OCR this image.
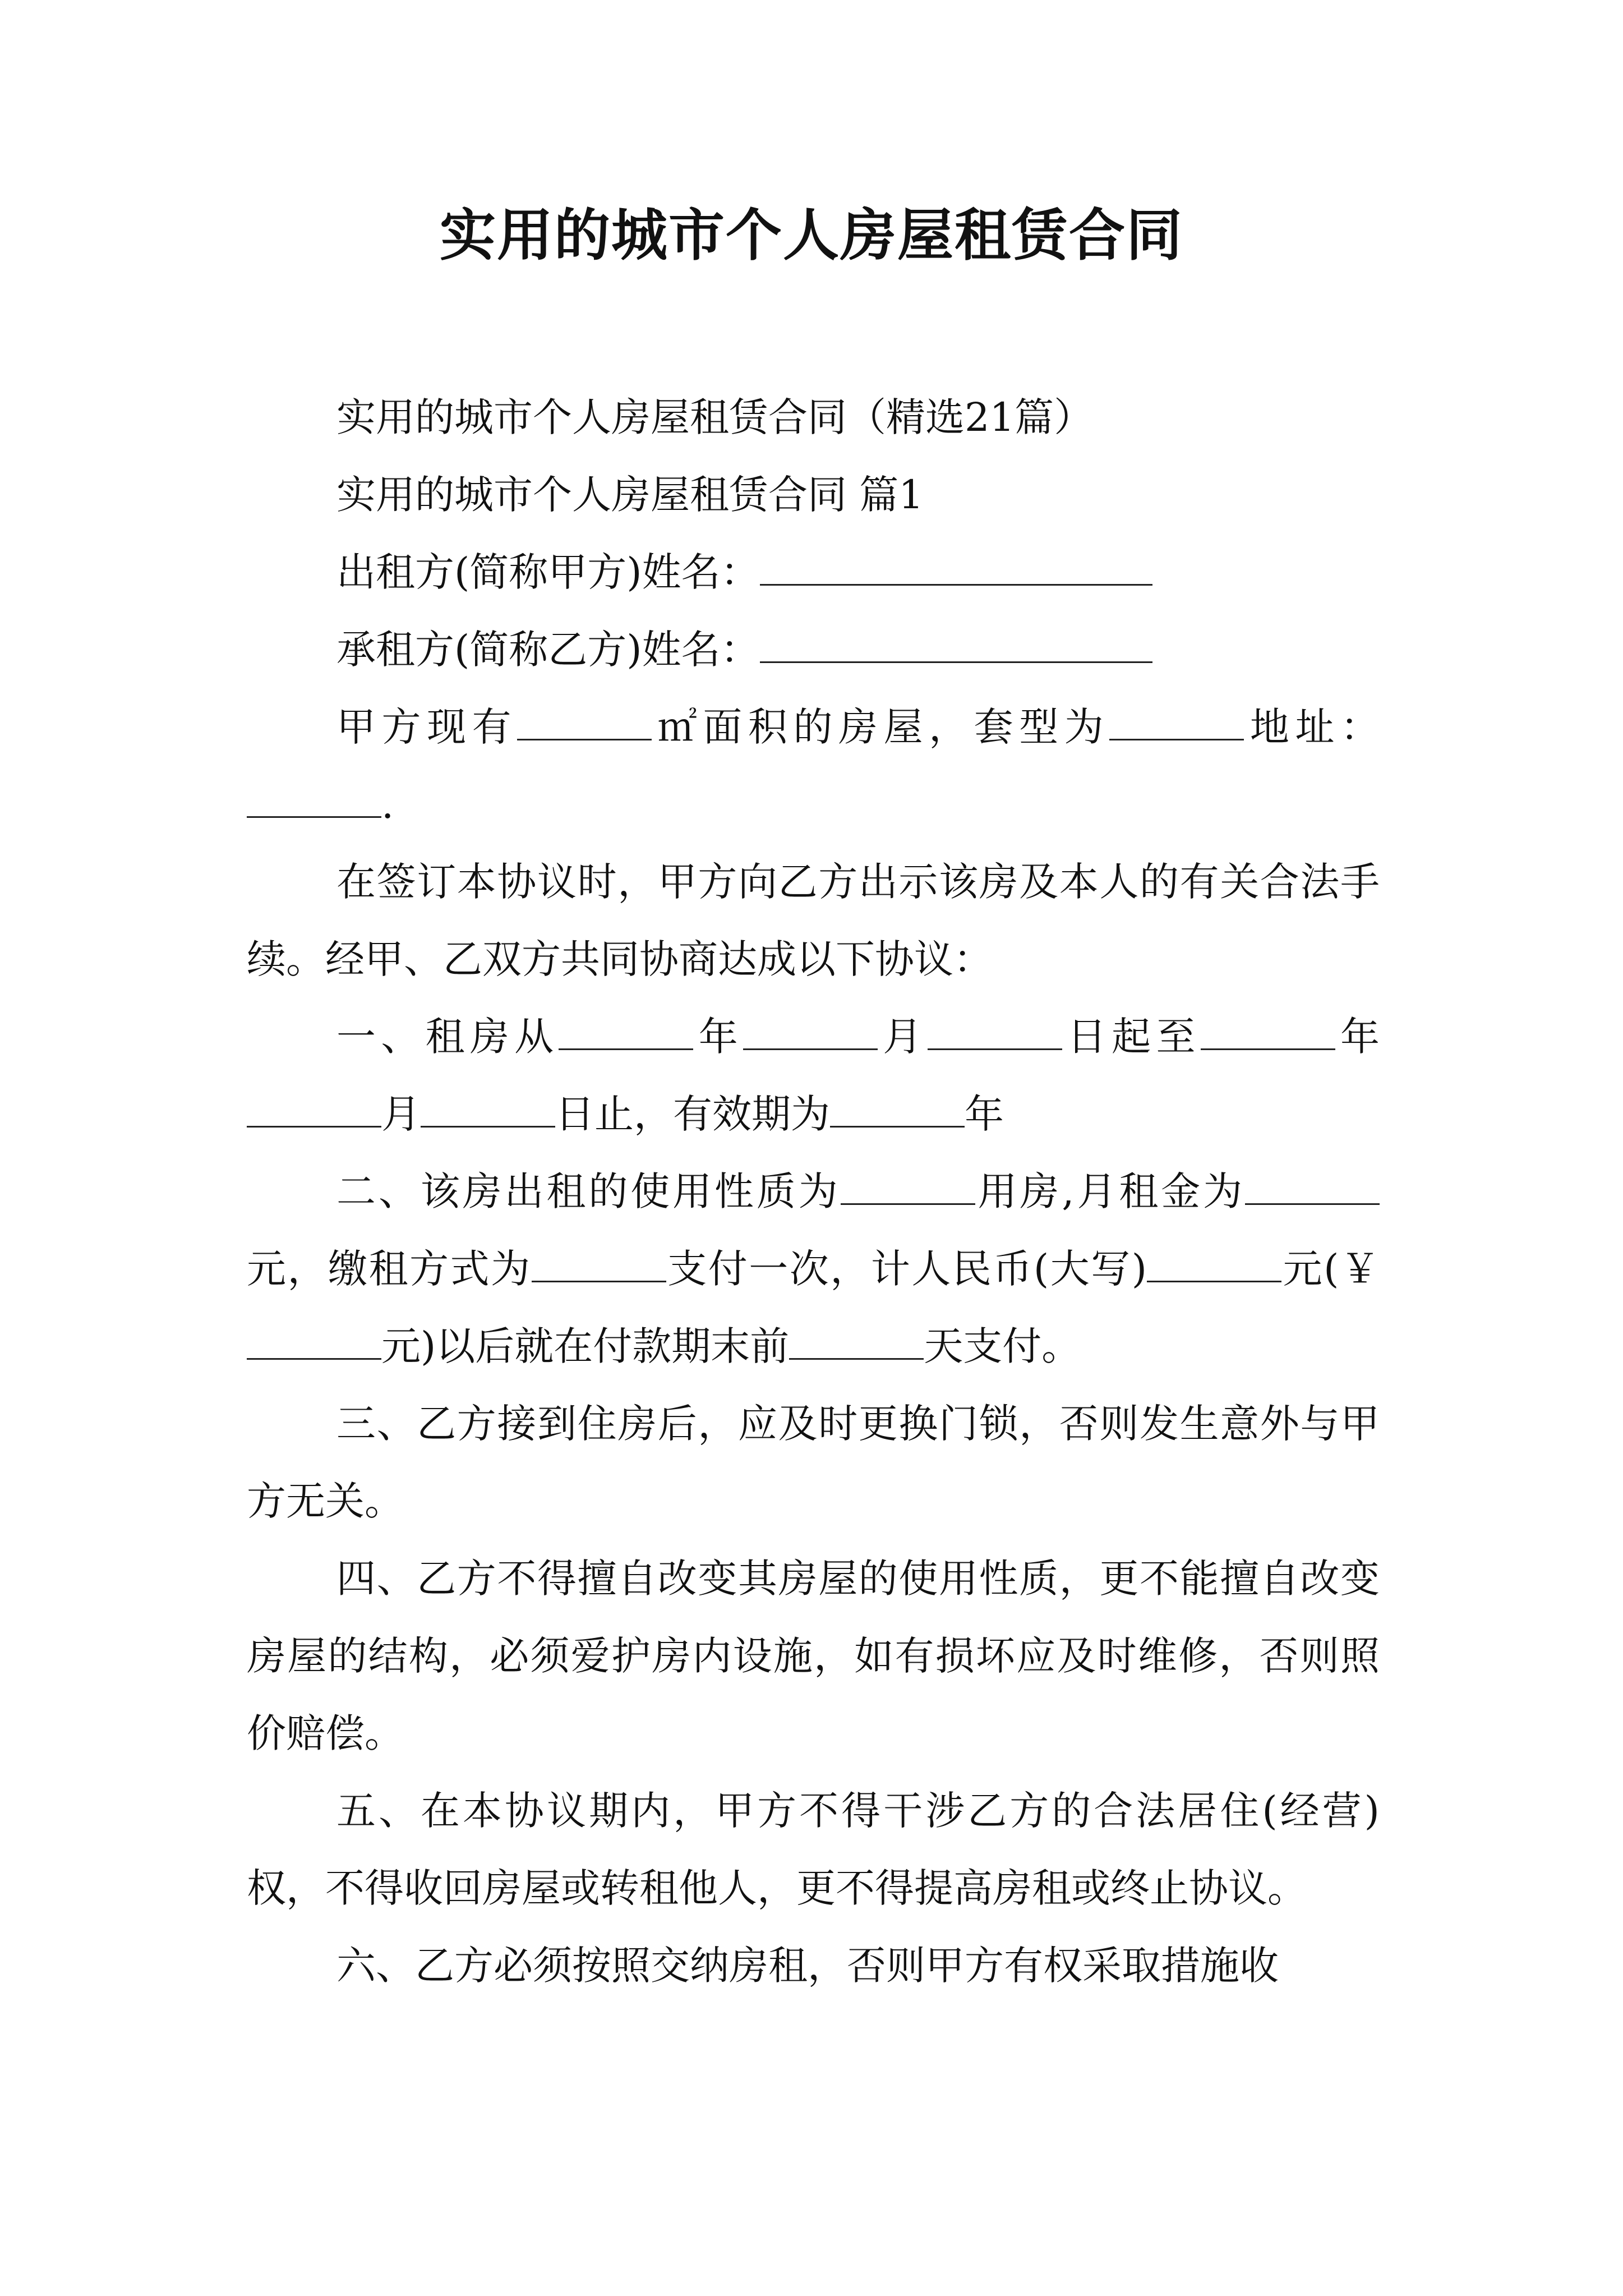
实用的城市个人房屋租赁合同

实用的城市个人房屋租赁合同（精选21篇）

实用的城市个人房屋租赁合同 篇1

出租方(简称甲方)姓名：

承租方(简称乙方)姓名：

甲方现有	㎡面积的房屋，套型为	地址：.

在签订本协议时，甲方向乙方出示该房及本人的有关合法手续。经甲、乙双方共同协商达成以下协议：

一、租房从	年	月	日起至	年月	日止，有效期为	年

二、该房出租的使用性质为	用房,月租金为元，缴租方式为	支付一次，计人民币(大写)	元(￥元)以后就在付款期末前	天支付。

三、乙方接到住房后，应及时更换门锁，否则发生意外与甲方无关。

四、乙方不得擅自改变其房屋的使用性质，更不能擅自改变房屋的结构，必须爱护房内设施，如有损坏应及时维修，否则照价赔偿。

五、在本协议期内，甲方不得干涉乙方的合法居住(经营)权，不得收回房屋或转租他人，更不得提高房租或终止协议。

六、乙方必须按照交纳房租，否则甲方有权采取措施收
